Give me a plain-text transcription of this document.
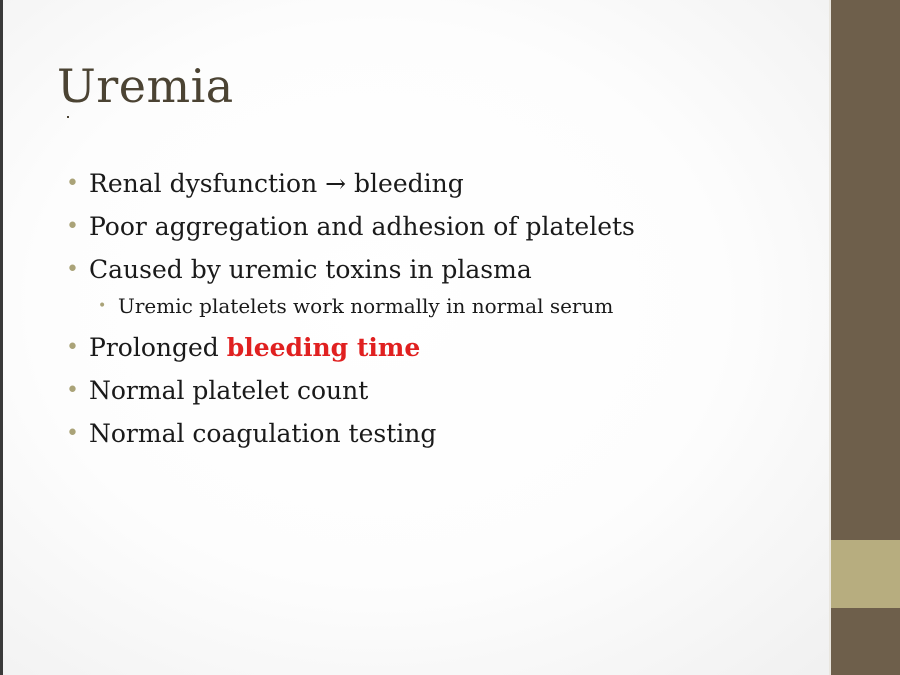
Uremia
• Renal dysfunction → bleeding
• Poor aggregation and adhesion of platelets
• Caused by uremic toxins in plasma
• Uremic platelets work normally in normal serum
• Prolonged bleeding time
• Normal platelet count
• Normal coagulation testing
